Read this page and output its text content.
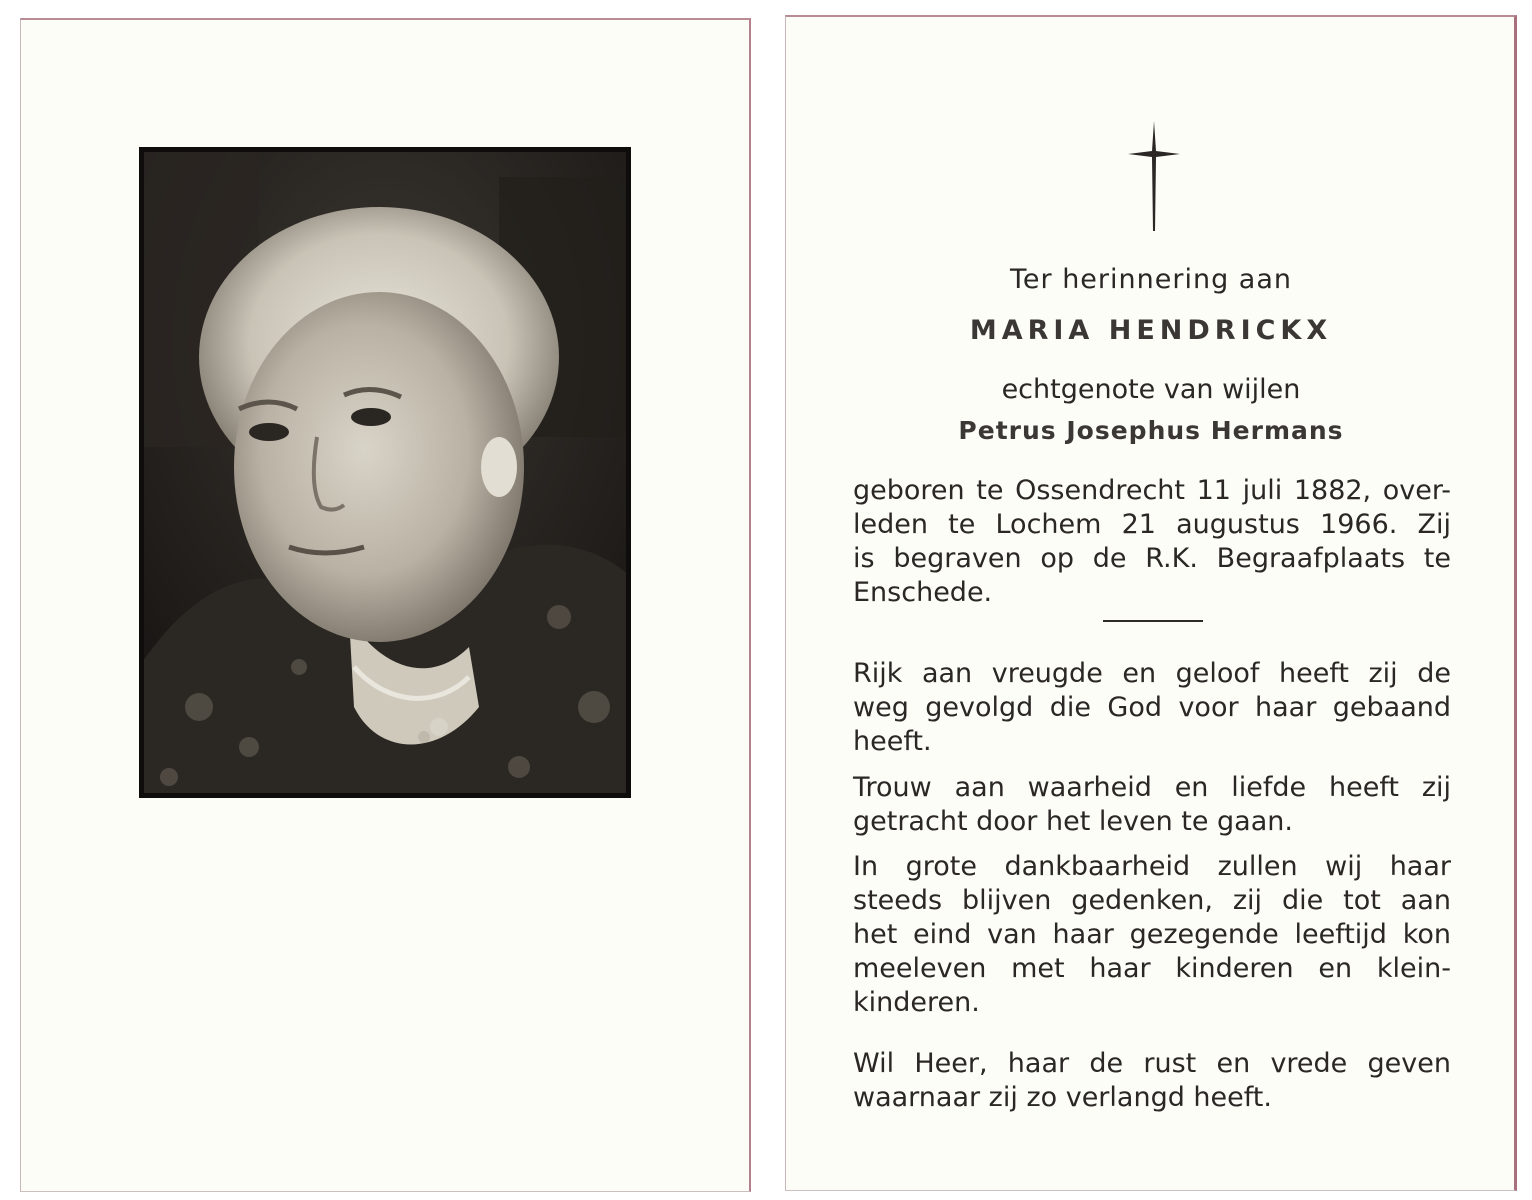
Ter herinnering aan

MARIA HENDRICKX

echtgenote van wijlen

Petrus Josephus Hermans

geboren te Ossendrecht 11 juli 1882, over-
leden te Lochem 21 augustus 1966. Zij
is begraven op de R.K. Begraafplaats te
Enschede.
Rijk aan vreugde en geloof heeft zij de
weg gevolgd die God voor haar gebaand
heeft.
Trouw aan waarheid en liefde heeft zij
getracht door het leven te gaan.
In grote dankbaarheid zullen wij haar
steeds blijven gedenken, zij die tot aan
het eind van haar gezegende leeftijd kon
meeleven met haar kinderen en klein-
kinderen.
Wil Heer, haar de rust en vrede geven
waarnaar zij zo verlangd heeft.
